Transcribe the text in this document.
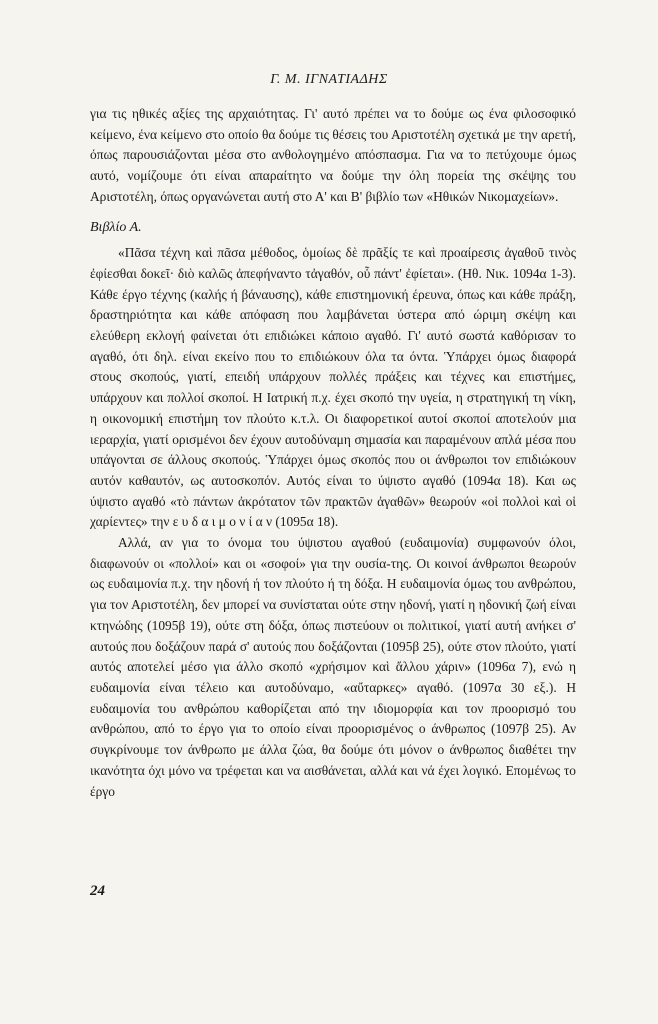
Γ. Μ. ΙΓΝΑΤΙΑΔΗΣ

για τις ηθικές αξίες της αρχαιότητας. Γι' αυτό πρέπει να το δούμε ως ένα φιλοσοφικό κείμενο, ένα κείμενο στο οποίο θα δούμε τις θέσεις του Αριστοτέλη σχετικά με την αρετή, όπως παρουσιάζονται μέσα στο ανθολογημένο απόσπασμα. Για να το πετύχουμε όμως αυτό, νομίζουμε ότι είναι απαραίτητο να δούμε την όλη πορεία της σκέψης του Αριστοτέλη, όπως οργανώνεται αυτή στο Α' και Β' βιβλίο των «Ηθικών Νικομαχείων».

Βιβλίο Α.

«Πᾶσα τέχνη καὶ πᾶσα μέθοδος, ὁμοίως δὲ πρᾶξίς τε καὶ προαίρεσις ἀγαθοῦ τινὸς ἐφίεσθαι δοκεῖ· διὸ καλῶς ἀπεφήναντο τἀγαθόν, οὗ πάντ' ἐφίεται». (Ηθ. Νικ. 1094α 1-3). Κάθε έργο τέχνης (καλής ή βάναυσης), κάθε επιστημονική έρευνα, όπως και κάθε πράξη, δραστηριότητα και κάθε απόφαση που λαμβάνεται ύστερα από ώριμη σκέψη και ελεύθερη εκλογή φαίνεται ότι επιδιώκει κάποιο αγαθό. Γι' αυτό σωστά καθόρισαν το αγαθό, ότι δηλ. είναι εκείνο που το επιδιώκουν όλα τα όντα. Ὑπάρχει όμως διαφορά στους σκοπούς, γιατί, επειδή υπάρχουν πολλές πράξεις και τέχνες και επιστήμες, υπάρχουν και πολλοί σκοποί. Η Ιατρική π.χ. έχει σκοπό την υγεία, η στρατηγική τη νίκη, η οικονομική επιστήμη τον πλούτο κ.τ.λ. Οι διαφορετικοί αυτοί σκοποί αποτελούν μια ιεραρχία, γιατί ορισμένοι δεν έχουν αυτοδύναμη σημασία και παραμένουν απλά μέσα που υπάγονται σε άλλους σκοπούς. Ὑπάρχει όμως σκοπός που οι άνθρωποι τον επιδιώκουν αυτόν καθαυτόν, ως αυτοσκοπόν. Αυτός είναι το ύψιστο αγαθό (1094α 18). Και ως ύψιστο αγαθό «τὸ πάντων ἀκρότατον τῶν πρακτῶν ἀγαθῶν» θεωρούν «οἱ πολλοὶ καὶ οἱ χαρίεντες» την ε υ δ α ι μ ο ν ί α ν (1095α 18).

Αλλά, αν για το όνομα του ύψιστου αγαθού (ευδαιμονία) συμφωνούν όλοι, διαφωνούν οι «πολλοί» και οι «σοφοί» για την ουσία-της. Οι κοινοί άνθρωποι θεωρούν ως ευδαιμονία π.χ. την ηδονή ή τον πλούτο ή τη δόξα. Η ευδαιμονία όμως του ανθρώπου, για τον Αριστοτέλη, δεν μπορεί να συνίσταται ούτε στην ηδονή, γιατί η ηδονική ζωή είναι κτηνώδης (1095β 19), ούτε στη δόξα, όπως πιστεύουν οι πολιτικοί, γιατί αυτή ανήκει σ' αυτούς που δοξάζουν παρά σ' αυτούς που δοξάζονται (1095β 25), ούτε στον πλούτο, γιατί αυτός αποτελεί μέσο για άλλο σκοπό «χρήσιμον καὶ ἄλλου χάριν» (1096α 7), ενώ η ευδαιμονία είναι τέλειο και αυτοδύναμο, «αὔταρκες» αγαθό. (1097α 30 εξ.). Η ευδαιμονία του ανθρώπου καθορίζεται από την ιδιομορφία και τον προορισμό του ανθρώπου, από το έργο για το οποίο είναι προορισμένος ο άνθρωπος (1097β 25). Αν συγκρίνουμε τον άνθρωπο με άλλα ζώα, θα δούμε ότι μόνον ο άνθρωπος διαθέτει την ικανότητα όχι μόνο να τρέφεται και να αισθάνεται, αλλά και νά έχει λογικό. Επομένως το έργο

24
